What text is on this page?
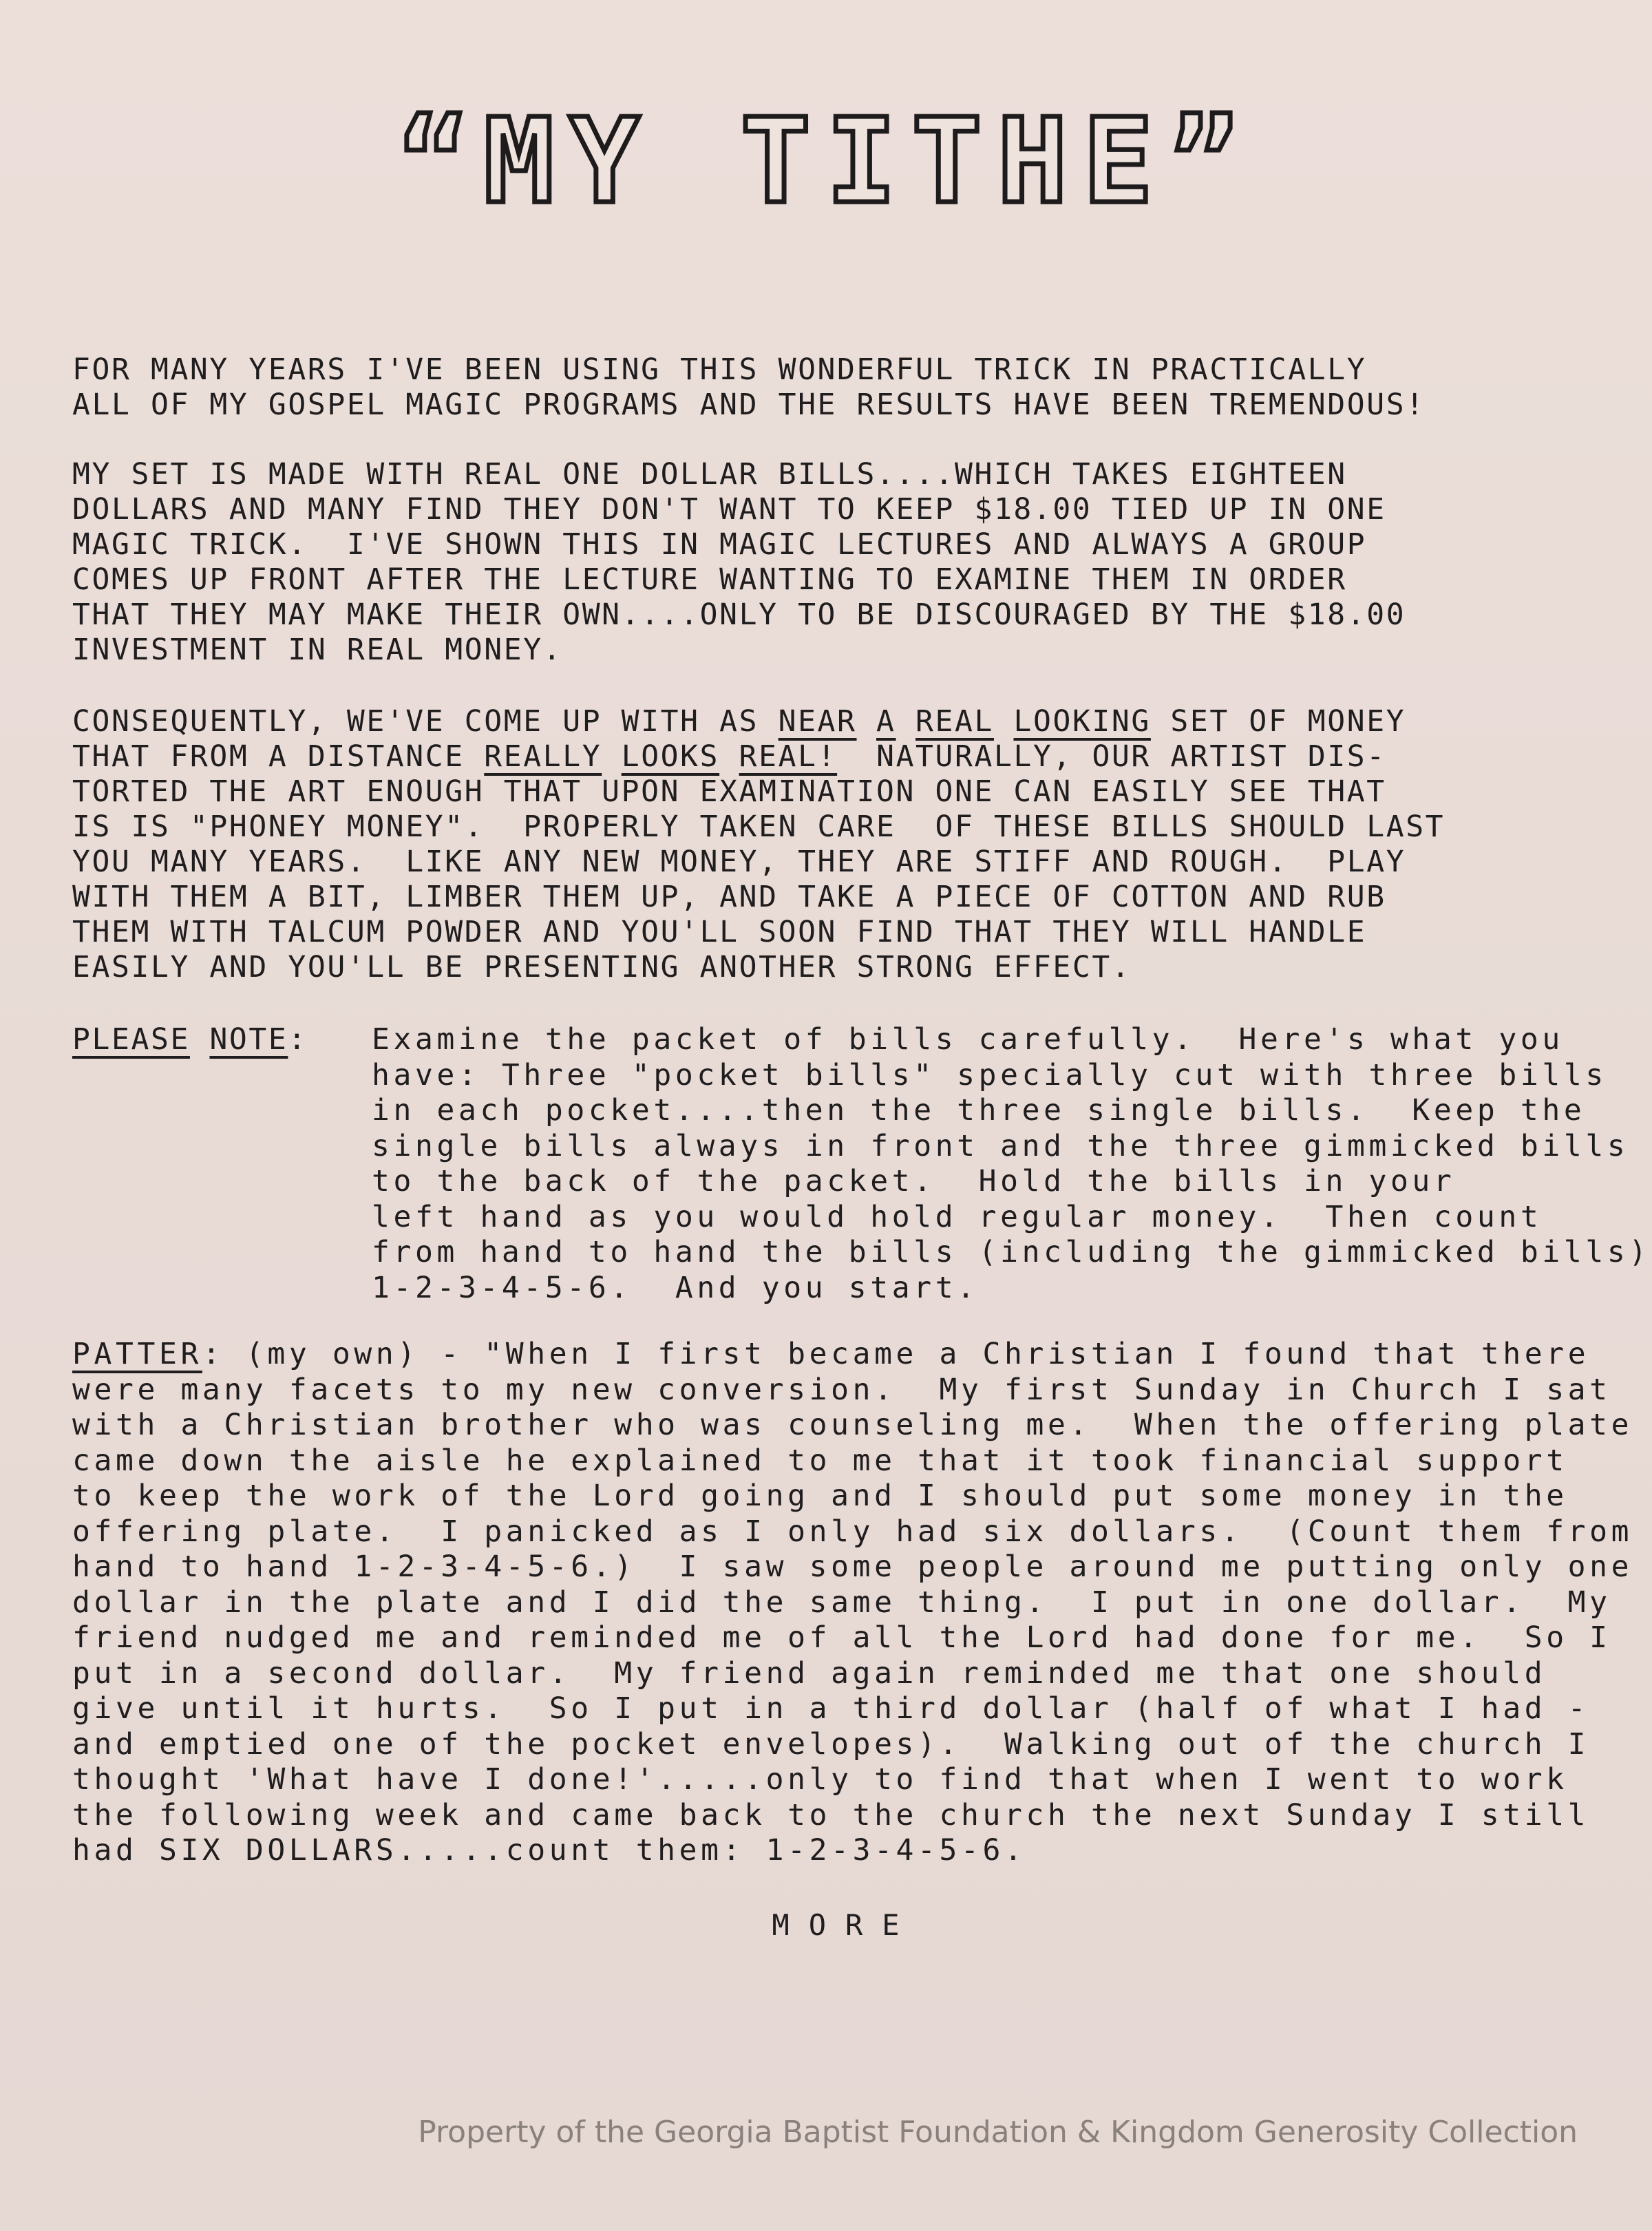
“MY TITHE”
FOR MANY YEARS I'VE BEEN USING THIS WONDERFUL TRICK IN PRACTICALLY
ALL OF MY GOSPEL MAGIC PROGRAMS AND THE RESULTS HAVE BEEN TREMENDOUS!
MY SET IS MADE WITH REAL ONE DOLLAR BILLS....WHICH TAKES EIGHTEEN
DOLLARS AND MANY FIND THEY DON'T WANT TO KEEP $18.00 TIED UP IN ONE
MAGIC TRICK.  I'VE SHOWN THIS IN MAGIC LECTURES AND ALWAYS A GROUP
COMES UP FRONT AFTER THE LECTURE WANTING TO EXAMINE THEM IN ORDER
THAT THEY MAY MAKE THEIR OWN....ONLY TO BE DISCOURAGED BY THE $18.00
INVESTMENT IN REAL MONEY.
CONSEQUENTLY, WE'VE COME UP WITH AS NEAR A REAL LOOKING SET OF MONEY
THAT FROM A DISTANCE REALLY LOOKS REAL!  NATURALLY, OUR ARTIST DIS-
TORTED THE ART ENOUGH THAT UPON EXAMINATION ONE CAN EASILY SEE THAT
IS IS "PHONEY MONEY".  PROPERLY TAKEN CARE  OF THESE BILLS SHOULD LAST
YOU MANY YEARS.  LIKE ANY NEW MONEY, THEY ARE STIFF AND ROUGH.  PLAY
WITH THEM A BIT, LIMBER THEM UP, AND TAKE A PIECE OF COTTON AND RUB
THEM WITH TALCUM POWDER AND YOU'LL SOON FIND THAT THEY WILL HANDLE
EASILY AND YOU'LL BE PRESENTING ANOTHER STRONG EFFECT.
PLEASE NOTE: Examine the packet of bills carefully.  Here's what you
have: Three "pocket bills" specially cut with three bills
in each pocket....then the three single bills.  Keep the
single bills always in front and the three gimmicked bills
to the back of the packet.  Hold the bills in your
left hand as you would hold regular money.  Then count
from hand to hand the bills (including the gimmicked bills)
1-2-3-4-5-6.  And you start.
PATTER: (my own) - "When I first became a Christian I found that there
were many facets to my new conversion.  My first Sunday in Church I sat
with a Christian brother who was counseling me.  When the offering plate
came down the aisle he explained to me that it took financial support
to keep the work of the Lord going and I should put some money in the
offering plate.  I panicked as I only had six dollars.  (Count them from
hand to hand 1-2-3-4-5-6.)  I saw some people around me putting only one
dollar in the plate and I did the same thing.  I put in one dollar.  My
friend nudged me and reminded me of all the Lord had done for me.  So I
put in a second dollar.  My friend again reminded me that one should
give until it hurts.  So I put in a third dollar (half of what I had -
and emptied one of the pocket envelopes).  Walking out of the church I
thought 'What have I done!'.....only to find that when I went to work
the following week and came back to the church the next Sunday I still
had SIX DOLLARS.....count them: 1-2-3-4-5-6.
MORE
Property of the Georgia Baptist Foundation & Kingdom Generosity Collection
